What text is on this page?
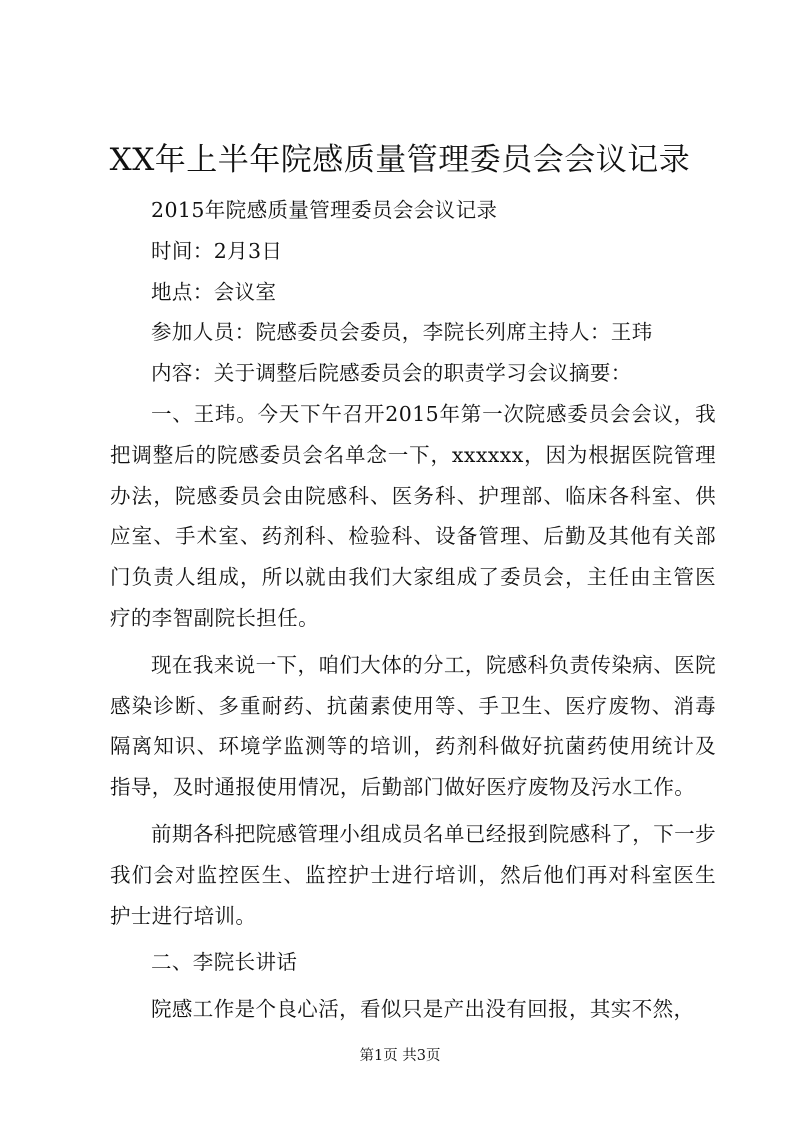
XX年上半年院感质量管理委员会会议记录

2015年院感质量管理委员会会议记录

时间：2月3日

地点：会议室

参加人员：院感委员会委员，李院长列席主持人：王玮

内容：关于调整后院感委员会的职责学习会议摘要：

一、王玮。今天下午召开2015年第一次院感委员会会议，我把调整后的院感委员会名单念一下，xxxxxx，因为根据医院管理办法，院感委员会由院感科、医务科、护理部、临床各科室、供应室、手术室、药剂科、检验科、设备管理、后勤及其他有关部门负责人组成，所以就由我们大家组成了委员会，主任由主管医疗的李智副院长担任。

现在我来说一下，咱们大体的分工，院感科负责传染病、医院感染诊断、多重耐药、抗菌素使用等、手卫生、医疗废物、消毒隔离知识、环境学监测等的培训，药剂科做好抗菌药使用统计及指导，及时通报使用情况，后勤部门做好医疗废物及污水工作。

前期各科把院感管理小组成员名单已经报到院感科了，下一步我们会对监控医生、监控护士进行培训，然后他们再对科室医生护士进行培训。

二、李院长讲话

院感工作是个良心活，看似只是产出没有回报，其实不然，

第1页 共3页
